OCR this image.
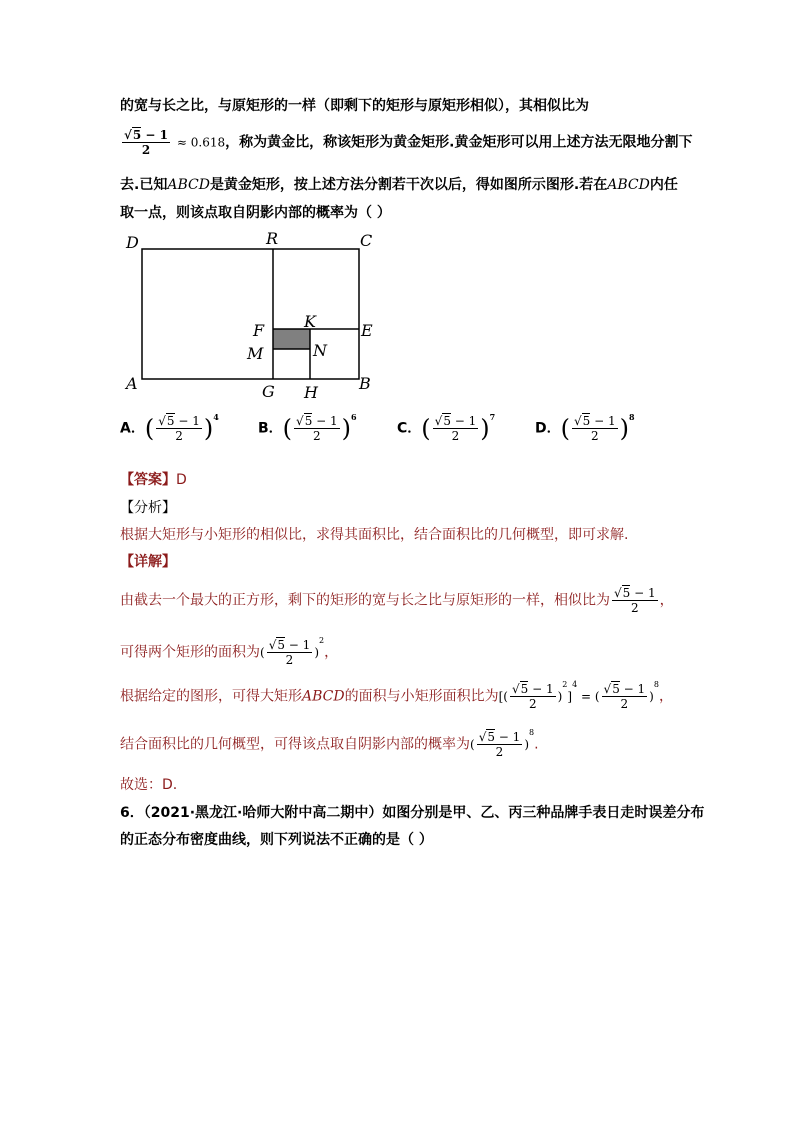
的宽与长之比，与原矩形的一样（即剩下的矩形与原矩形相似），其相似比为
$\frac{√5 - 1}{2} \approx 0.618$，称为黄金比，称该矩形为黄金矩形.黄金矩形可以用上述方法无限地分割下
去.已知ABCD是黄金矩形，按上述方法分割若干次以后，得如图所示图形.若在ABCD内任
取一点，则该点取自阴影内部的概率为（ ）
D	R	C
F K	E
M	N
A	G H	B
A．( $\frac{√5 - 1}{2} )^4$
B．( $\frac{√5 - 1}{2} )^6$
C．( $\frac{√5 - 1}{2} )^7$
D．( $\frac{√5 - 1}{2} )^8$
【答案】D
【分析】
根据大矩形与小矩形的相似比，求得其面积比，结合面积比的几何概型，即可求解.
【详解】
由截去一个最大的正方形，剩下的矩形的宽与长之比与原矩形的一样，相似比为 $\frac{√5 - 1}{2}$ ，
可得两个矩形的面积为( $\frac{√5 - 1}{2} )^2$，
根据给定的图形，可得大矩形ABCD的面积与小矩形面积比为[( $\frac{√5 - 1}{2} )^2]^4$ = ( $\frac{√5 - 1}{2} )^8$，
结合面积比的几何概型，可得该点取自阴影内部的概率为( $\frac{√5 - 1}{2} )^8$.
故选：D.
6．（2021·黑龙江·哈师大附中高二期中）如图分别是甲、乙、丙三种品牌手表日走时误差分布
的正态分布密度曲线，则下列说法不正确的是（ ）
